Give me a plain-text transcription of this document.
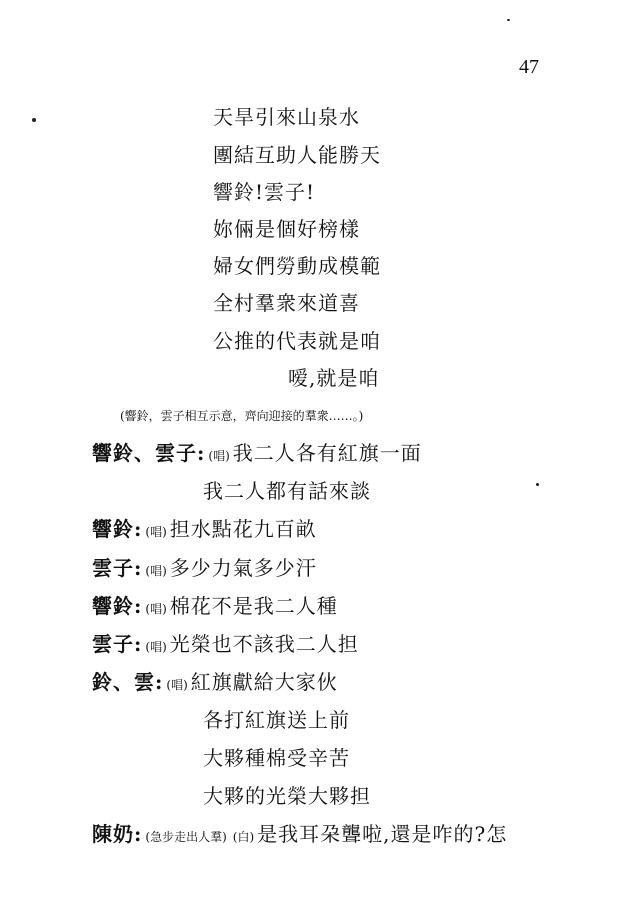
47
天旱引來山泉水
團結互助人能勝天
響鈴!雲子!
妳倆是個好榜樣
婦女們勞動成模範
全村羣衆來道喜
公推的代表就是咱
嗳,就是咱
(響鈴，雲子相互示意，齊向迎接的羣衆……。)
響鈴、雲子: (唱) 我二人各有紅旗一面
我二人都有話來談
響鈴: (唱) 担水點花九百畝
雲子: (唱) 多少力氣多少汗
響鈴: (唱) 棉花不是我二人種
雲子: (唱) 光榮也不該我二人担
鈴、雲: (唱) 紅旗獻給大家伙
各打紅旗送上前
大夥種棉受辛苦
大夥的光榮大夥担
陳奶: (急步走出人羣) (白) 是我耳朶聾啦,還是咋的?怎
